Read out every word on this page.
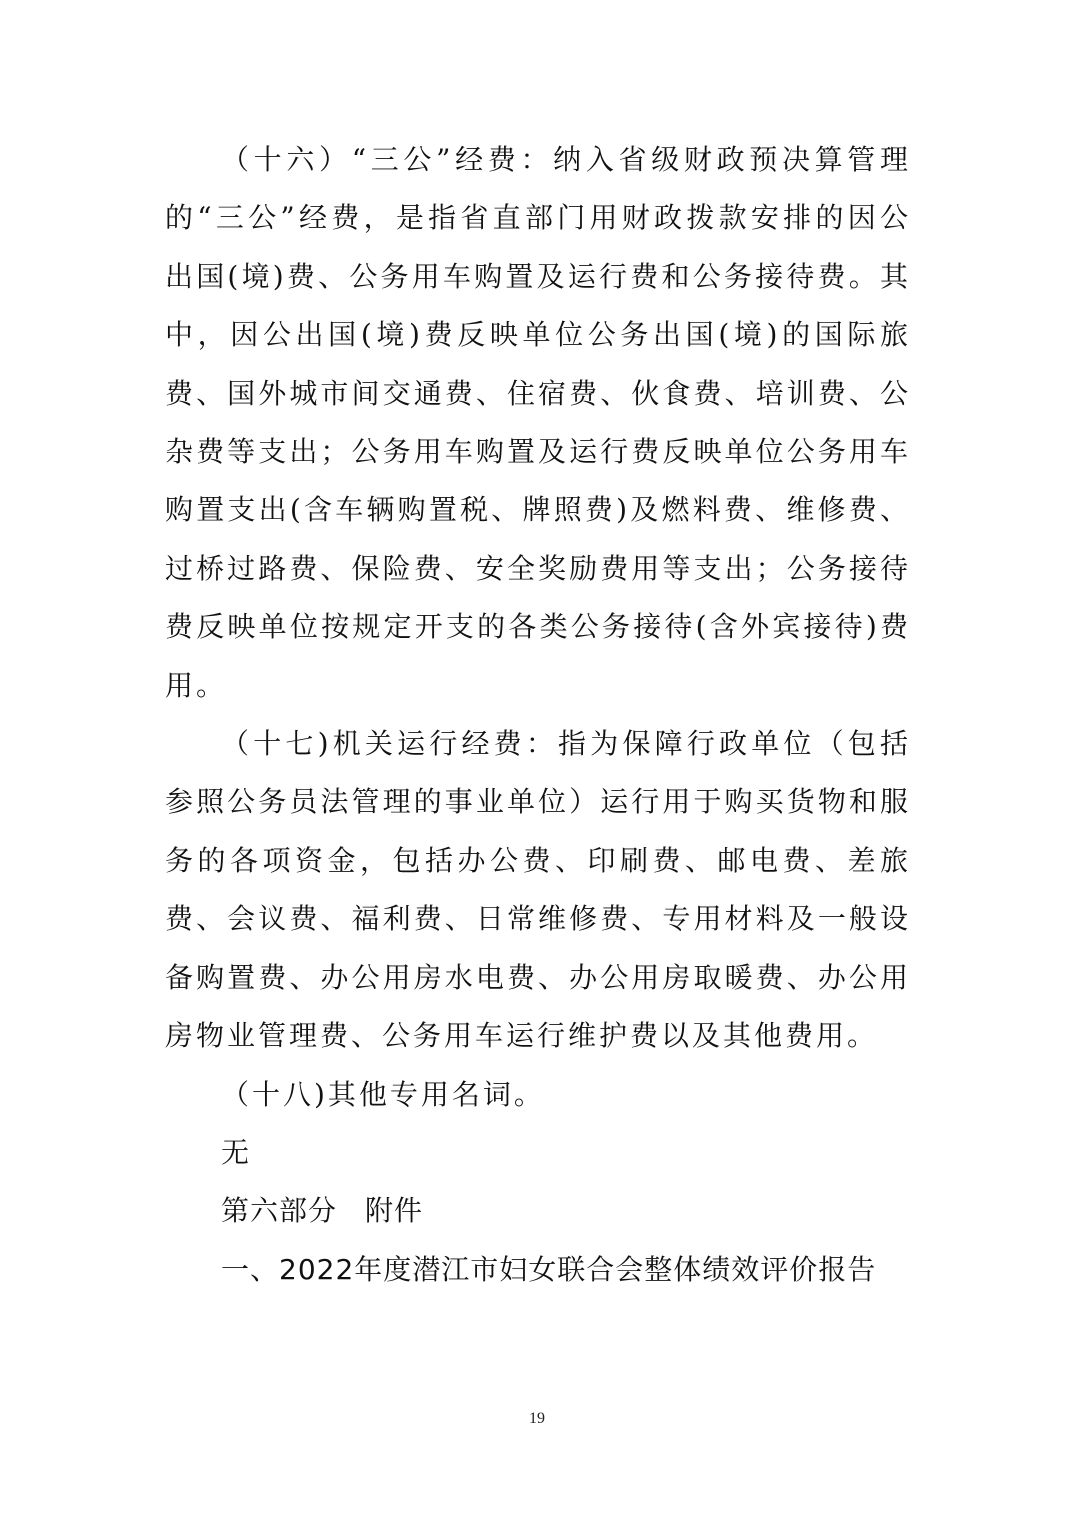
（十六）“三公”经费：纳入省级财政预决算管理的“三公”经费，是指省直部门用财政拨款安排的因公出国(境)费、公务用车购置及运行费和公务接待费。其中，因公出国(境)费反映单位公务出国(境)的国际旅费、国外城市间交通费、住宿费、伙食费、培训费、公杂费等支出；公务用车购置及运行费反映单位公务用车购置支出(含车辆购置税、牌照费)及燃料费、维修费、过桥过路费、保险费、安全奖励费用等支出；公务接待费反映单位按规定开支的各类公务接待(含外宾接待)费用。

（十七)机关运行经费：指为保障行政单位（包括参照公务员法管理的事业单位）运行用于购买货物和服务的各项资金，包括办公费、印刷费、邮电费、差旅费、会议费、福利费、日常维修费、专用材料及一般设备购置费、办公用房水电费、办公用房取暖费、办公用房物业管理费、公务用车运行维护费以及其他费用。

（十八)其他专用名词。

无

第六部分 附件

一、2022年度潜江市妇女联合会整体绩效评价报告

19
